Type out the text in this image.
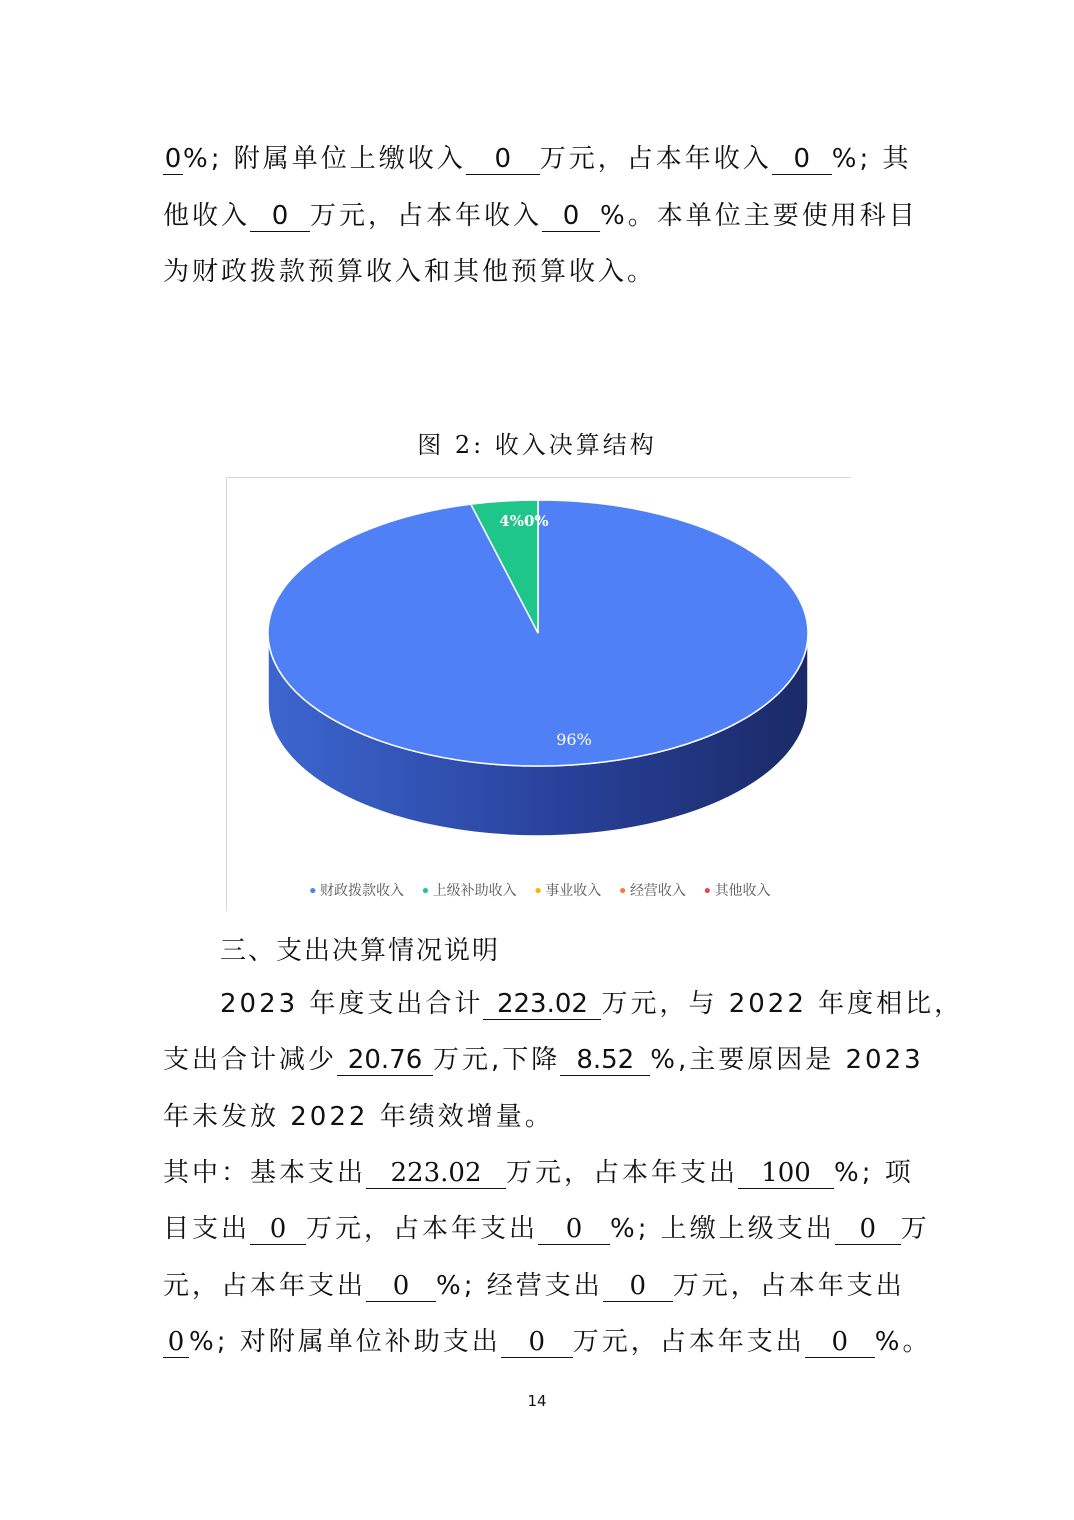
0%; 附属单位上缴收入 0 万元，占本年收入 0 %; 其
他收入 0 万元，占本年收入 0 %。本单位主要使用科目
为财政拨款预算收入和其他预算收入。
图 2: 收入决算结构
96%
4%0%
• 财政拨款收入 • 上级补助收入 • 事业收入 • 经营收入 • 其他收入
三、支出决算情况说明
2023 年度支出合计 223.02 万元，与 2022 年度相比，
支出合计减少 20.76 万元,下降 8.52 %,主要原因是 2023
年未发放 2022 年绩效增量。
其中：基本支出 223.02 万元，占本年支出 100 %; 项
目支出 0 万元，占本年支出 0 %; 上缴上级支出 0 万
元，占本年支出 0 %; 经营支出 0 万元，占本年支出
0 %; 对附属单位补助支出 0 万元，占本年支出 0 %。
14
